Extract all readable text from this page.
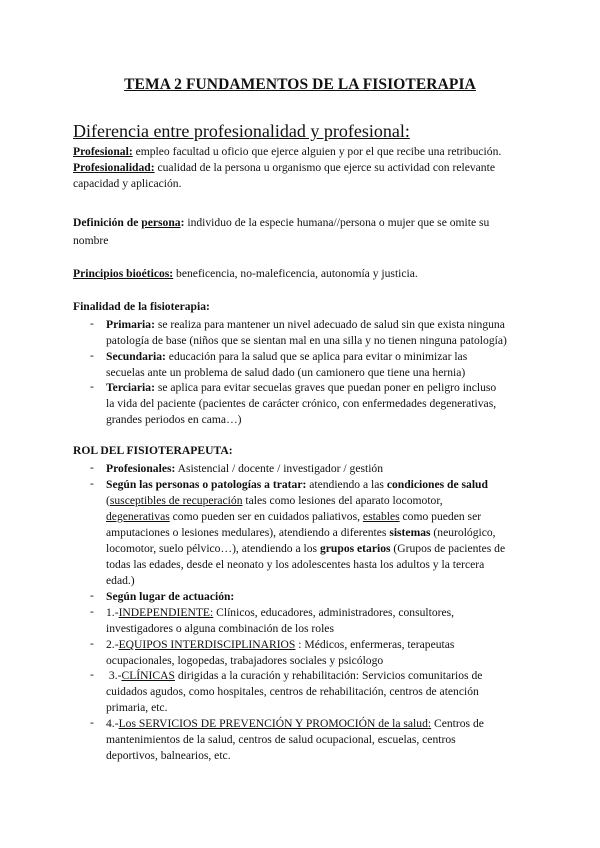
TEMA 2 FUNDAMENTOS DE LA FISIOTERAPIA
Diferencia entre profesionalidad y profesional:
Profesional: empleo facultad u oficio que ejerce alguien y por el que recibe una retribución.
Profesionalidad: cualidad de la persona u organismo que ejerce su actividad con relevante
capacidad y aplicación.
Definición de persona: individuo de la especie humana//persona o mujer que se omite su
nombre
Principios bioéticos: beneficencia, no-maleficencia, autonomía y justicia.
Finalidad de la fisioterapia:
- Primaria: se realiza para mantener un nivel adecuado de salud sin que exista ninguna
patología de base (niños que se sientan mal en una silla y no tienen ninguna patología)
- Secundaria: educación para la salud que se aplica para evitar o minimizar las
secuelas ante un problema de salud dado (un camionero que tiene una hernia)
- Terciaria: se aplica para evitar secuelas graves que puedan poner en peligro incluso
la vida del paciente (pacientes de carácter crónico, con enfermedades degenerativas,
grandes periodos en cama…)
ROL DEL FISIOTERAPEUTA:
- Profesionales: Asistencial / docente / investigador / gestión
- Según las personas o patologías a tratar: atendiendo a las condiciones de salud
(susceptibles de recuperación tales como lesiones del aparato locomotor,
degenerativas como pueden ser en cuidados paliativos, estables como pueden ser
amputaciones o lesiones medulares), atendiendo a diferentes sistemas (neurológico,
locomotor, suelo pélvico…), atendiendo a los grupos etarios (Grupos de pacientes de
todas las edades, desde el neonato y los adolescentes hasta los adultos y la tercera
edad.)
- Según lugar de actuación:
- 1.-INDEPENDIENTE: Clínicos, educadores, administradores, consultores,
investigadores o alguna combinación de los roles
- 2.-EQUIPOS INTERDISCIPLINARIOS : Médicos, enfermeras, terapeutas
ocupacionales, logopedas, trabajadores sociales y psicólogo
- 3.-CLÍNICAS dirigidas a la curación y rehabilitación: Servicios comunitarios de
cuidados agudos, como hospitales, centros de rehabilitación, centros de atención
primaria, etc.
- 4.-Los SERVICIOS DE PREVENCIÓN Y PROMOCIÓN de la salud: Centros de
mantenimientos de la salud, centros de salud ocupacional, escuelas, centros
deportivos, balnearios, etc.
